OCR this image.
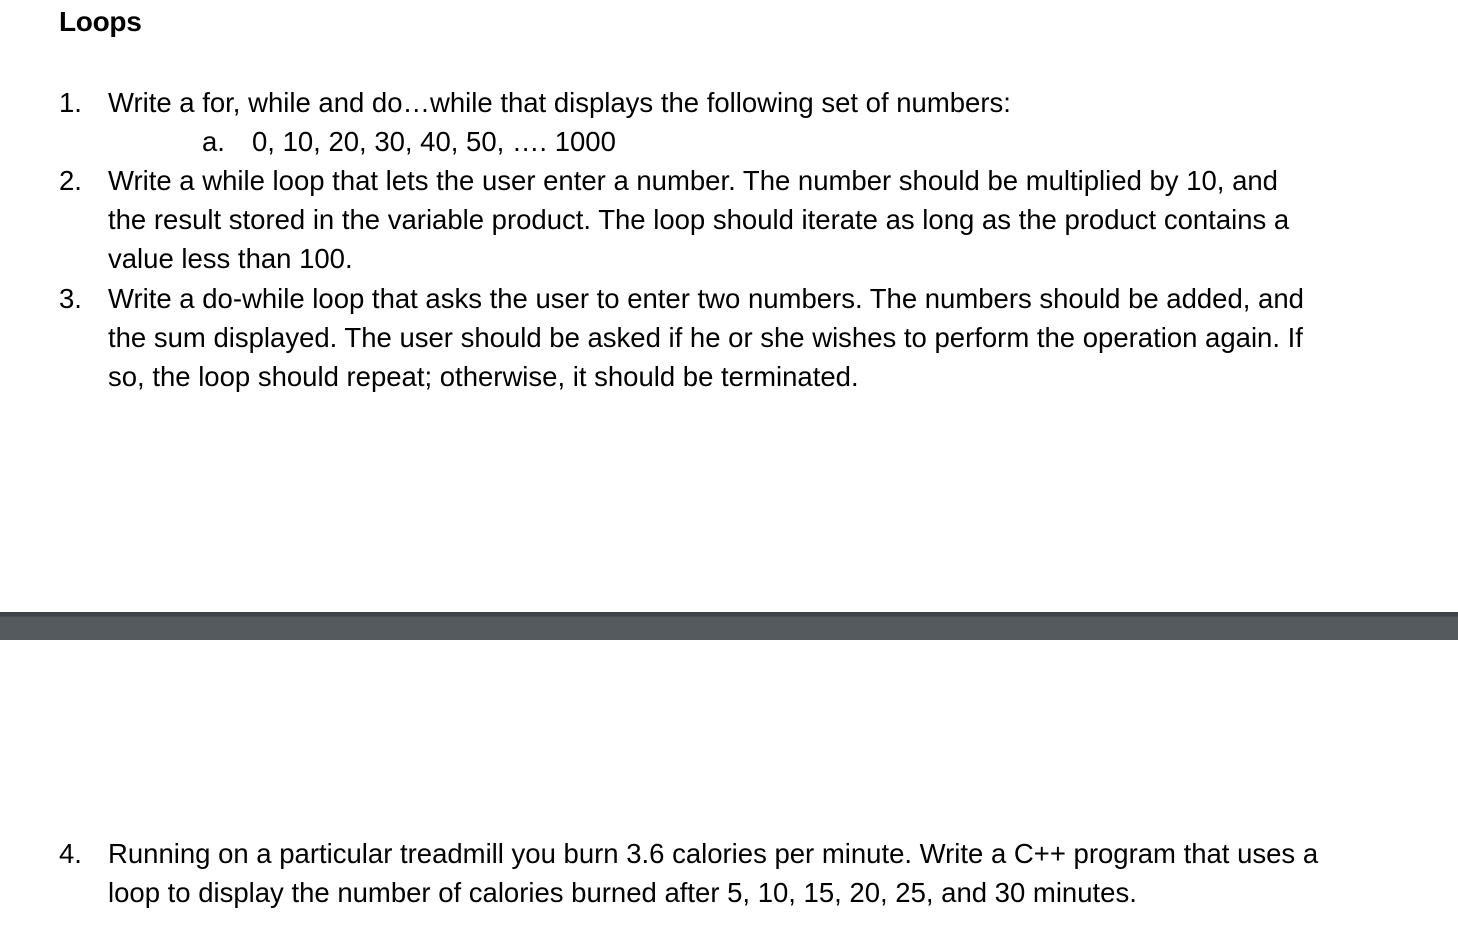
Loops
1. Write a for, while and do…while that displays the following set of numbers:
a. 0, 10, 20, 30, 40, 50, …. 1000
2. Write a while loop that lets the user enter a number. The number should be multiplied by 10, and
the result stored in the variable product. The loop should iterate as long as the product contains a
value less than 100.
3. Write a do-while loop that asks the user to enter two numbers. The numbers should be added, and
the sum displayed. The user should be asked if he or she wishes to perform the operation again. If
so, the loop should repeat; otherwise, it should be terminated.
4. Running on a particular treadmill you burn 3.6 calories per minute. Write a C++ program that uses a
loop to display the number of calories burned after 5, 10, 15, 20, 25, and 30 minutes.
